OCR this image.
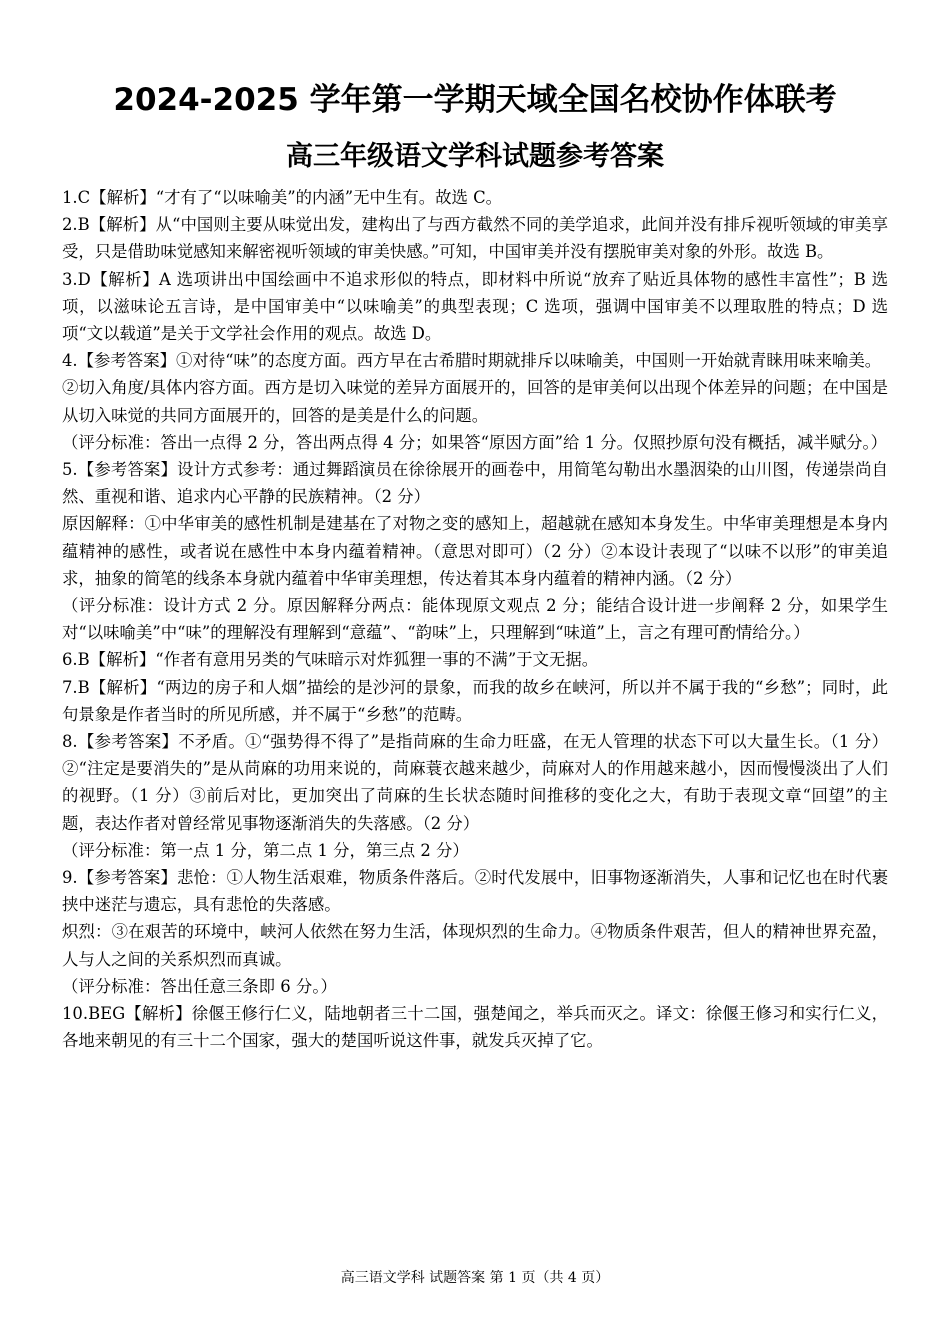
2024-2025 学年第一学期天域全国名校协作体联考
高三年级语文学科试题参考答案

1.C【解析】“才有了“以味喻美”的内涵”无中生有。故选 C。

2.B【解析】从“中国则主要从味觉出发，建构出了与西方截然不同的美学追求，此间并没有排斥视听领域的审美享受，只是借助味觉感知来解密视听领域的审美快感。”可知，中国审美并没有摆脱审美对象的外形。故选 B。

3.D【解析】A 选项讲出中国绘画中不追求形似的特点，即材料中所说“放弃了贴近具体物的感性丰富性”；B 选项，以滋味论五言诗，是中国审美中“以味喻美”的典型表现；C 选项，强调中国审美不以理取胜的特点；D 选项“文以载道”是关于文学社会作用的观点。故选 D。

4.【参考答案】①对待“味”的态度方面。西方早在古希腊时期就排斥以味喻美，中国则一开始就青睐用味来喻美。

②切入角度/具体内容方面。西方是切入味觉的差异方面展开的，回答的是审美何以出现个体差异的问题；在中国是从切入味觉的共同方面展开的，回答的是美是什么的问题。

（评分标准：答出一点得 2 分，答出两点得 4 分；如果答“原因方面”给 1 分。仅照抄原句没有概括，减半赋分。）

5.【参考答案】设计方式参考：通过舞蹈演员在徐徐展开的画卷中，用简笔勾勒出水墨洇染的山川图，传递崇尚自然、重视和谐、追求内心平静的民族精神。（2 分）

原因解释：①中华审美的感性机制是建基在了对物之变的感知上，超越就在感知本身发生。中华审美理想是本身内蕴精神的感性，或者说在感性中本身内蕴着精神。（意思对即可）（2 分）②本设计表现了“以味不以形”的审美追求，抽象的简笔的线条本身就内蕴着中华审美理想，传达着其本身内蕴着的精神内涵。（2 分）

（评分标准：设计方式 2 分。原因解释分两点：能体现原文观点 2 分；能结合设计进一步阐释 2 分，如果学生对“以味喻美”中“味”的理解没有理解到“意蕴”、“韵味”上，只理解到“味道”上，言之有理可酌情给分。）

6.B【解析】“作者有意用另类的气味暗示对炸狐狸一事的不满”于文无据。

7.B【解析】“两边的房子和人烟”描绘的是沙河的景象，而我的故乡在峡河，所以并不属于我的“乡愁”；同时，此句景象是作者当时的所见所感，并不属于“乡愁”的范畴。

8.【参考答案】不矛盾。①“强势得不得了”是指苘麻的生命力旺盛，在无人管理的状态下可以大量生长。（1 分）②“注定是要消失的”是从苘麻的功用来说的，苘麻蓑衣越来越少，苘麻对人的作用越来越小，因而慢慢淡出了人们的视野。（1 分）③前后对比，更加突出了苘麻的生长状态随时间推移的变化之大，有助于表现文章“回望”的主题，表达作者对曾经常见事物逐渐消失的失落感。（2 分）

（评分标准：第一点 1 分，第二点 1 分，第三点 2 分）

9.【参考答案】悲怆：①人物生活艰难，物质条件落后。②时代发展中，旧事物逐渐消失，人事和记忆也在时代裹挟中迷茫与遗忘，具有悲怆的失落感。

炽烈：③在艰苦的环境中，峡河人依然在努力生活，体现炽烈的生命力。④物质条件艰苦，但人的精神世界充盈，人与人之间的关系炽烈而真诚。

（评分标准：答出任意三条即 6 分。）

10.BEG【解析】徐偃王修行仁义，陆地朝者三十二国，强楚闻之，举兵而灭之。译文：徐偃王修习和实行仁义，各地来朝见的有三十二个国家，强大的楚国听说这件事，就发兵灭掉了它。

高三语文学科 试题答案 第 1 页（共 4 页）
